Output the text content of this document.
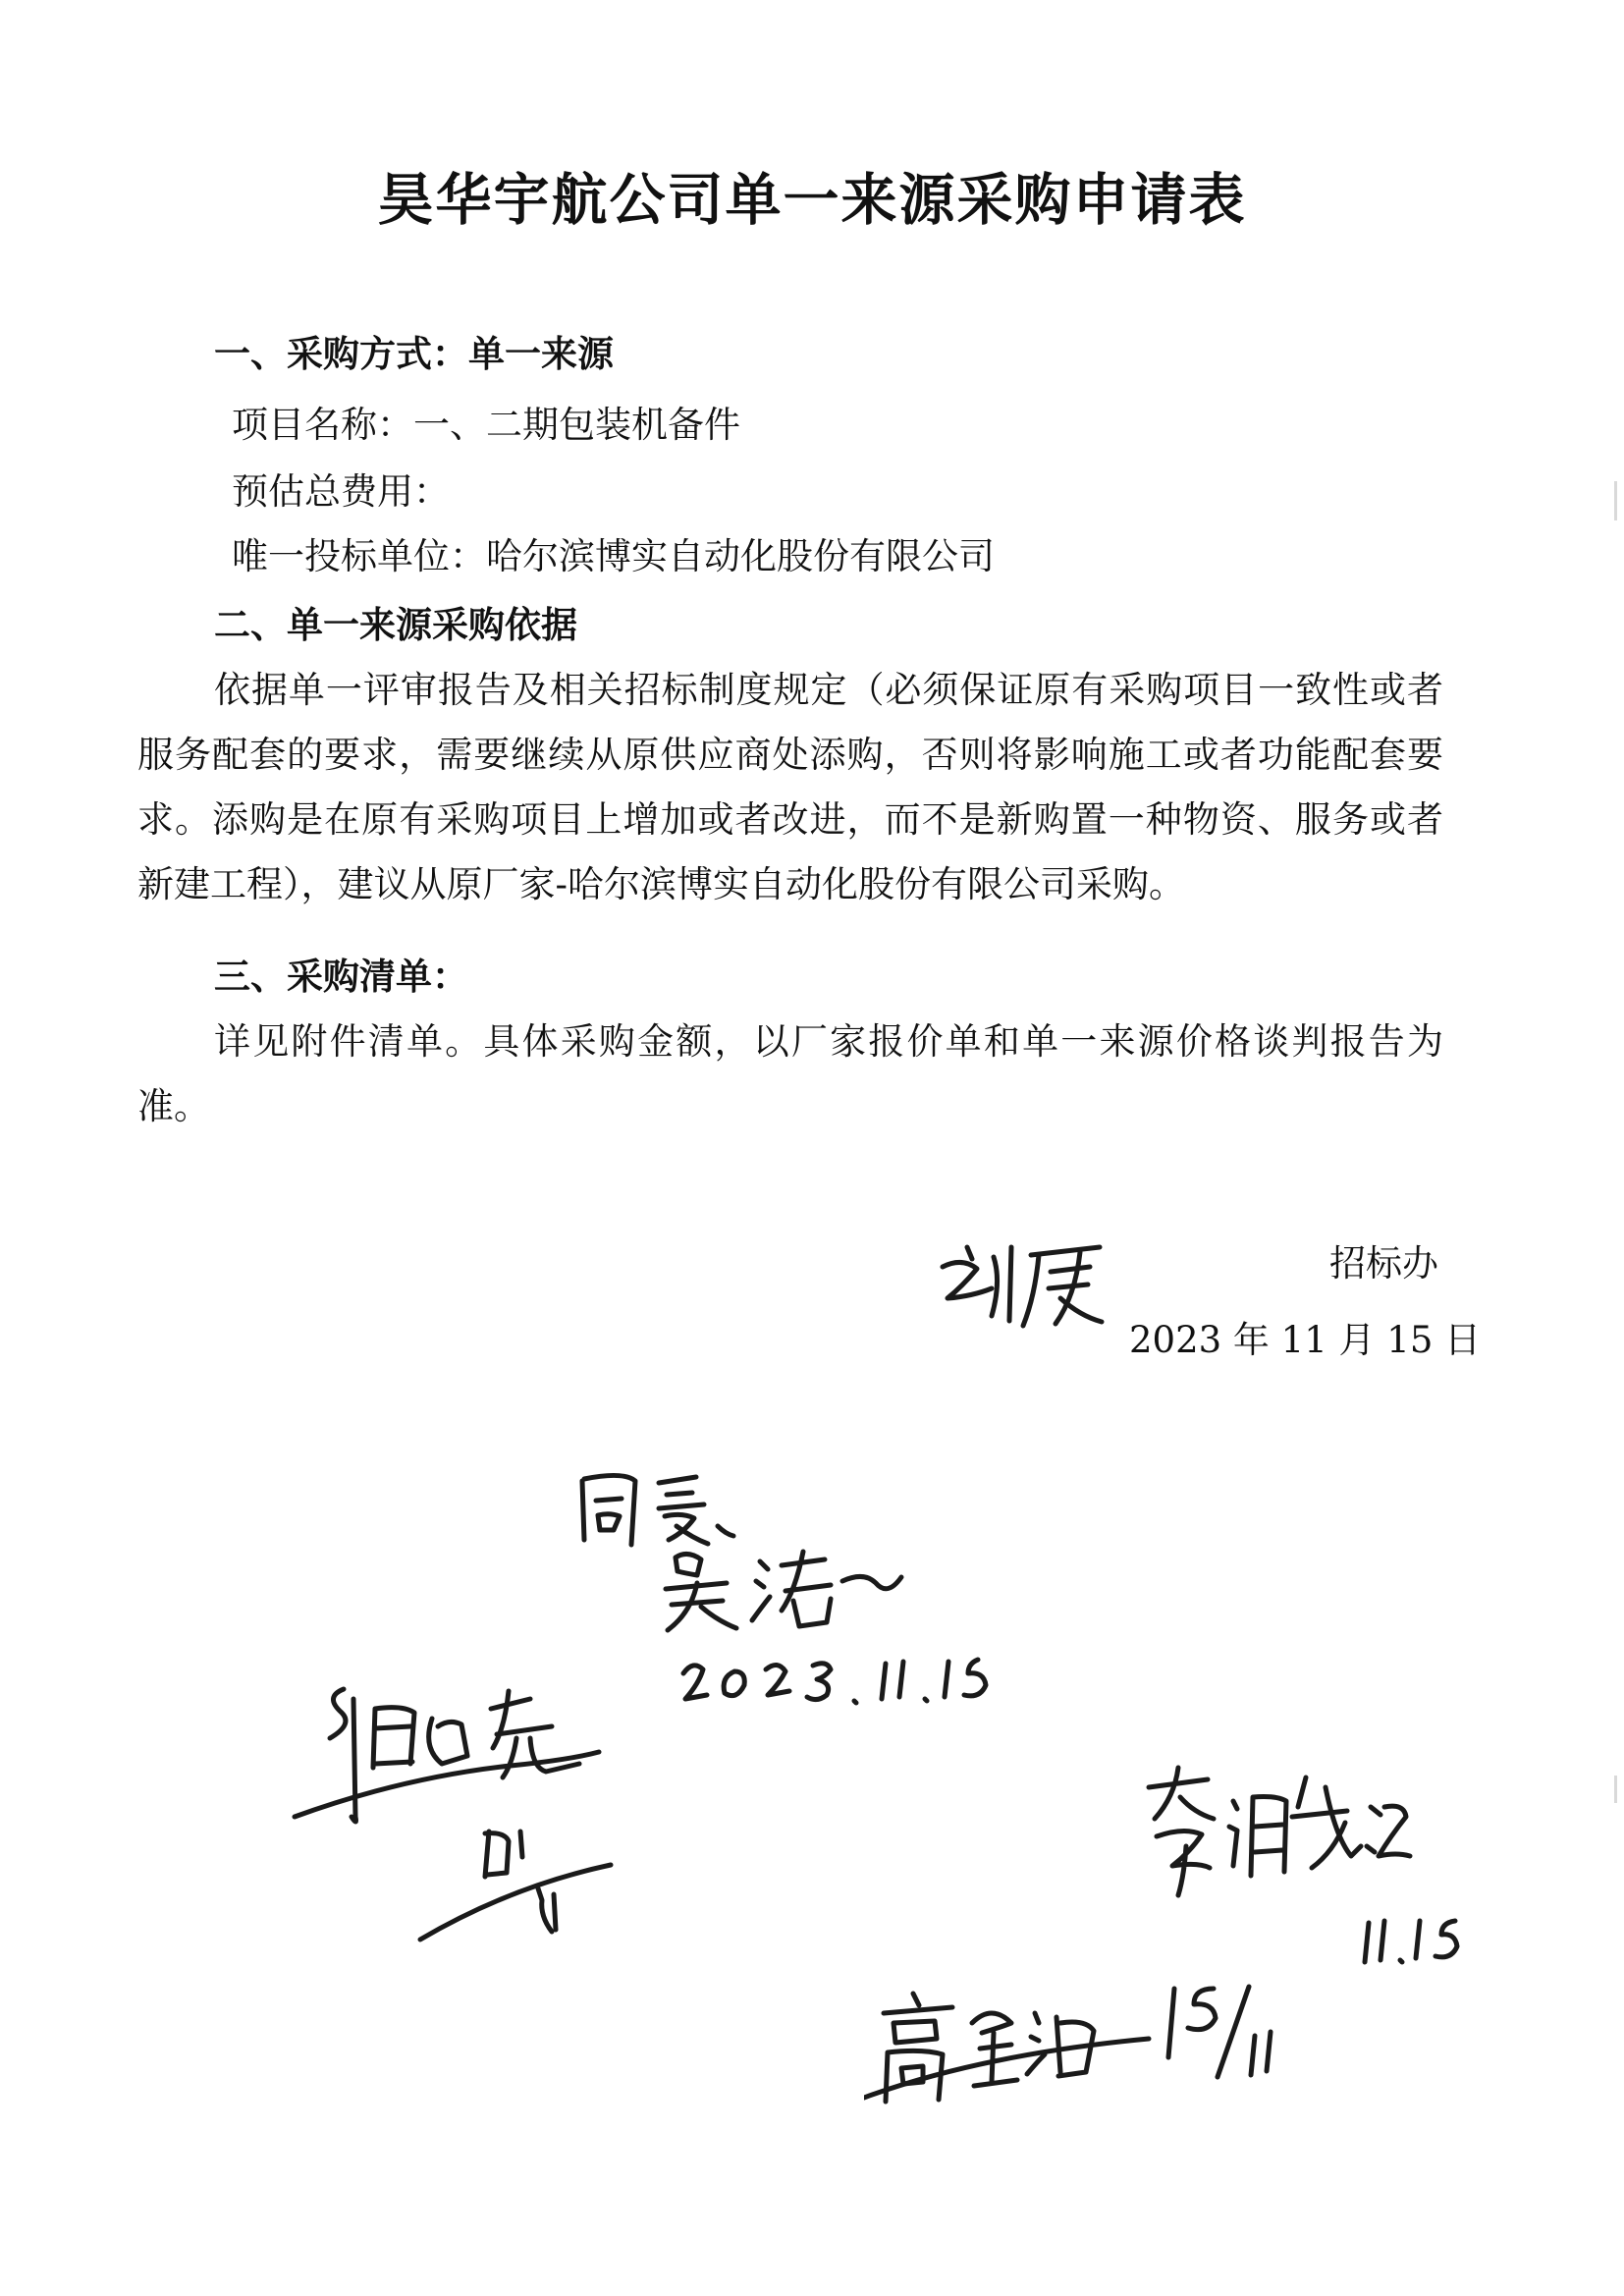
昊华宇航公司单一来源采购申请表
一、采购方式：单一来源
项目名称：一、二期包装机备件
预估总费用：
唯一投标单位：哈尔滨博实自动化股份有限公司
二、单一来源采购依据
依据单一评审报告及相关招标制度规定（必须保证原有采购项目一致性或者服务配套的要求，需要继续从原供应商处添购，否则将影响施工或者功能配套要求。添购是在原有采购项目上增加或者改进，而不是新购置一种物资、服务或者新建工程），建议从原厂家-哈尔滨博实自动化股份有限公司采购。
三、采购清单：
详见附件清单。具体采购金额，以厂家报价单和单一来源价格谈判报告为准。
招标办
2023 年 11 月 15 日
